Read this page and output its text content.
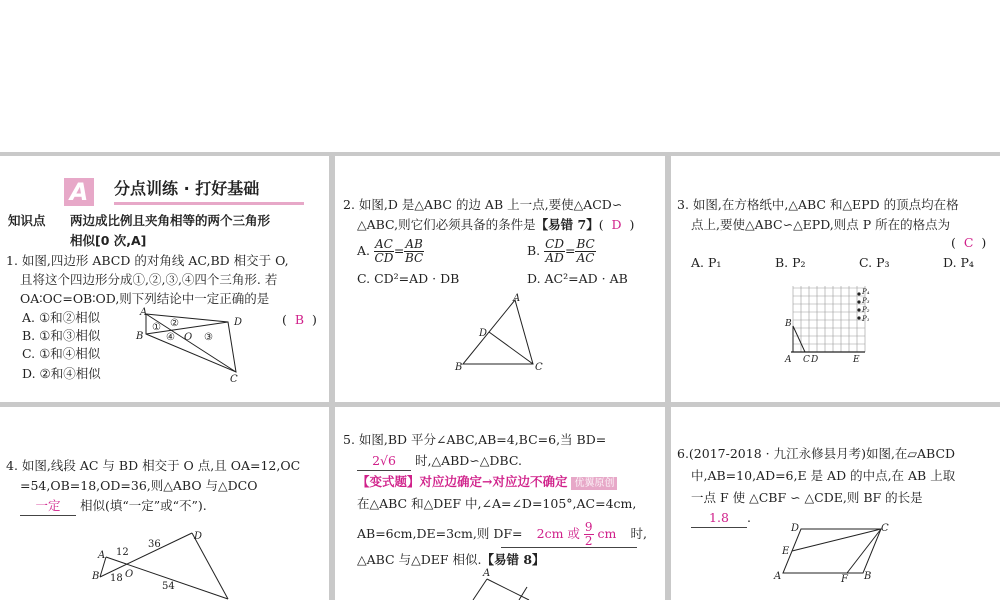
A	分点训练 · 打好基础
知识点 两边成比例且夹角相等的两个三角形
相似[0 次,A]
1. 如图,四边形 ABCD 的对角线 AC,BD 相交于 O,
且将这个四边形分成①,②,③,④四个三角形. 若
OA∶OC=OB∶OD,则下列结论中一定正确的是
A. ①和②相似
B. ①和③相似
C. ①和④相似
D. ②和④相似
(  B  )
A
B
D
C
O
① ②
③
④
2. 如图,D 是△ABC 的边 AB 上一点,要使△ACD∽
△ABC,则它们必须具备的条件是【易错 7】(  D  )
A. $\frac{AC}{CD} = \frac{AB}{BC}$	B. $\frac{CD}{AD} = \frac{BC}{AC}$
C. CD²=AD · DB	D. AC²=AD · AB
A
D
B	C
3. 如图,在方格纸中,△ABC 和△EPD 的顶点均在格
点上,要使△ABC∽△EPD,则点 P 所在的格点为
(  C  )
A. P₁	B. P₂	C. P₃	D. P₄
A
B
C D	E
P₄
P₃
P₂
P₁
4. 如图,线段 AC 与 BD 相交于 O 点,且 OA=12,OC
=54,OB=18,OD=36,则△ABO 与△DCO
一定 相似(填“一定”或“不”).
A
B
D
O
12
36
18
54
5. 如图,BD 平分∠ABC,AB=4,BC=6,当 BD=
2√6 时,△ABD∽△DBC.
【变式题】对应边确定→对应边不确定 优翼原创
在△ABC 和△DEF 中,∠A=∠D=105°,AC=4cm,
AB=6cm,DE=3cm,则 DF= 2cm 或 $\frac{9}{2}$ cm 时,
△ABC 与△DEF 相似.【易错 8】
A
6.(2017-2018 · 九江永修县月考)如图,在▱ABCD
中,AB=10,AD=6,E 是 AD 的中点,在 AB 上取
一点 F 使 △CBF ∽ △CDE,则 BF 的长是
1.8 .
D	C
E
A	F B
